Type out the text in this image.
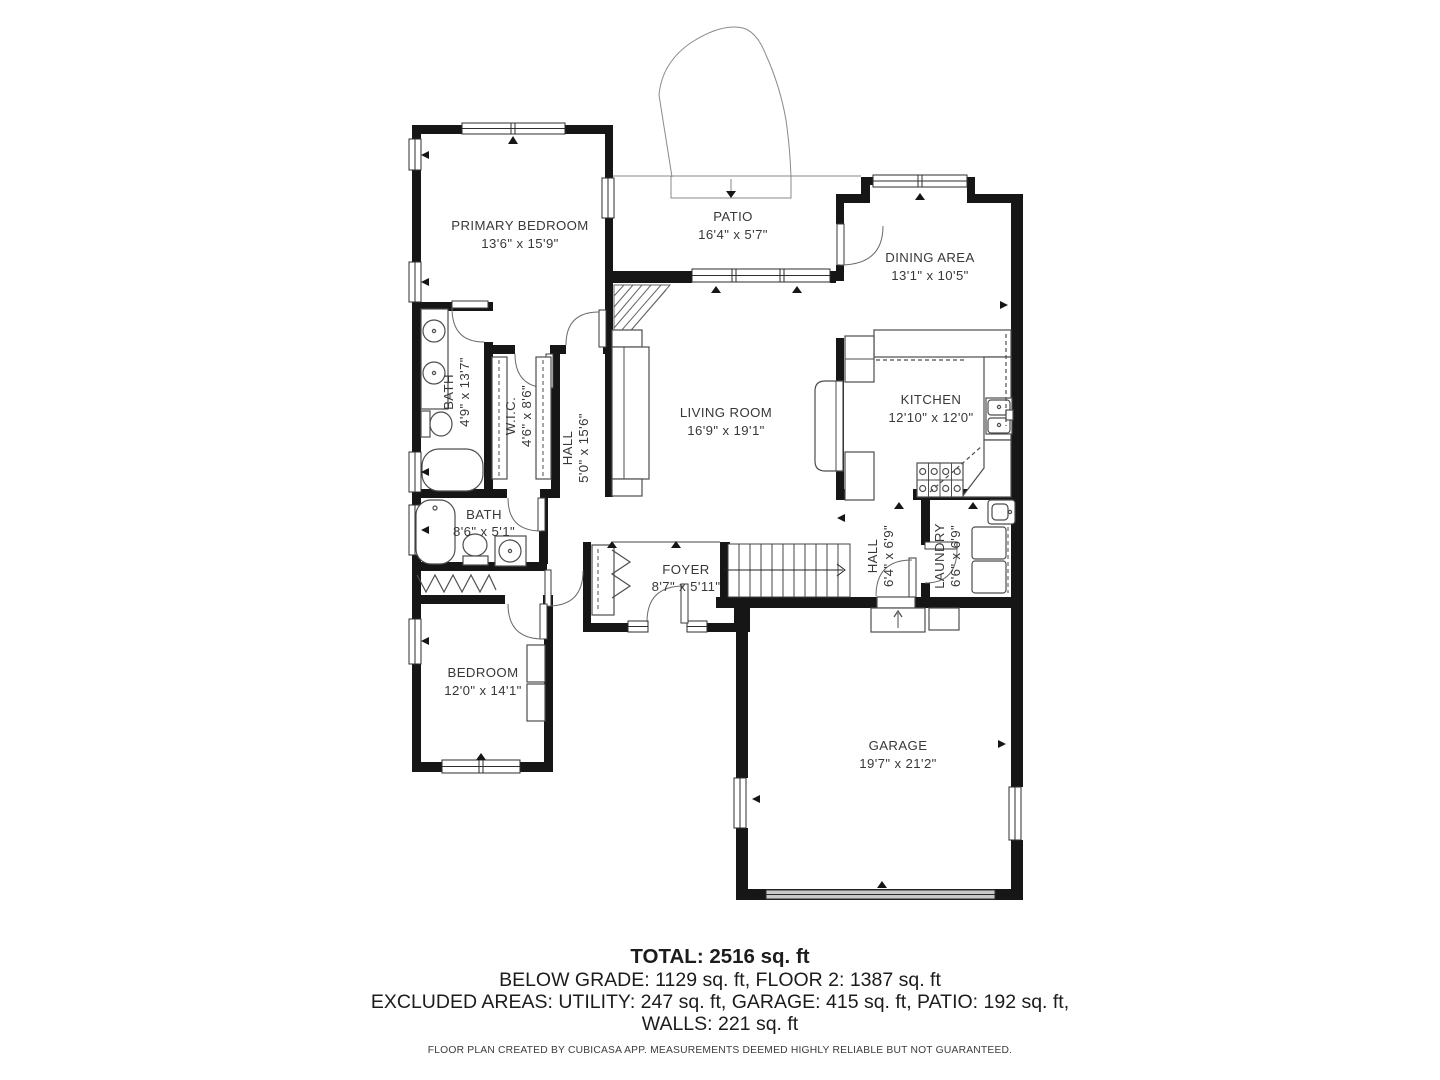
PRIMARY BEDROOM
13'6" x 15'9"
PATIO
16'4" x 5'7"
DINING AREA
13'1" x 10'5"
LIVING ROOM
16'9" x 19'1"
KITCHEN
12'10" x 12'0"
BATH 4'9" x 13'7" W.I.C. 4'6" x 8'6"
HALL 5'0" x 15'6"
BATH
8'6" x 5'1"
FOYER
8'7" x 5'11"
HALL 6'4" x 6'9"	LAUNDRY 6'6" x 6'9"
BEDROOM
12'0" x 14'1"
GARAGE
19'7" x 21'2"
TOTAL: 2516 sq. ft
BELOW GRADE: 1129 sq. ft, FLOOR 2: 1387 sq. ft
EXCLUDED AREAS: UTILITY: 247 sq. ft, GARAGE: 415 sq. ft, PATIO: 192 sq. ft,
WALLS: 221 sq. ft
FLOOR PLAN CREATED BY CUBICASA APP. MEASUREMENTS DEEMED HIGHLY RELIABLE BUT NOT GUARANTEED.
